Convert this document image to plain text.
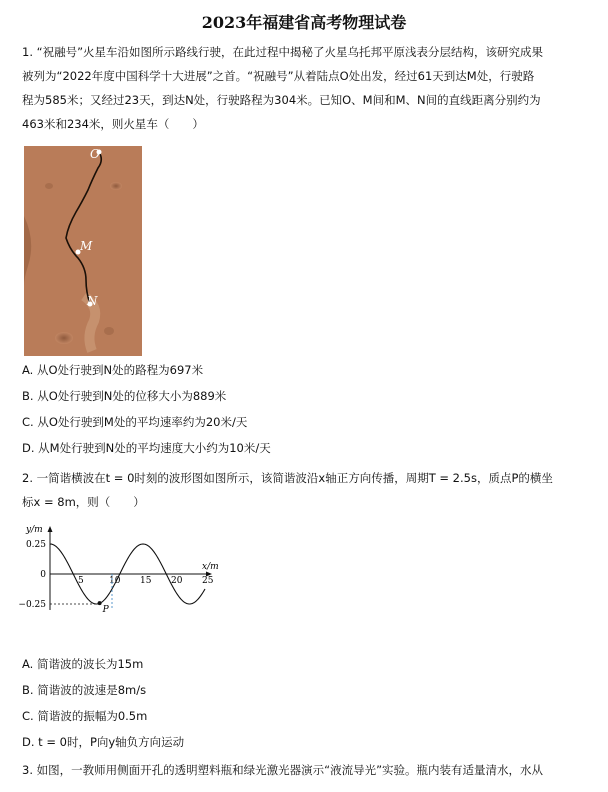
2023年福建省高考物理试卷
1. “祝融号”火星车沿如图所示路线行驶，在此过程中揭秘了火星乌托邦平原浅表分层结构，该研究成果
被列为“2022年度中国科学十大进展”之首。“祝融号”从着陆点O处出发，经过61天到达M处，行驶路
程为585米；又经过23天，到达N处，行驶路程为304米。已知O、M间和M、N间的直线距离分别约为
463米和234米，则火星车（　　）
O
M
N
A. 从O处行驶到N处的路程为697米
B. 从O处行驶到N处的位移大小为889米
C. 从O处行驶到M处的平均速率约为20米/天
D. 从M处行驶到N处的平均速度大小约为10米/天
2. 一简谐横波在t = 0时刻的波形图如图所示，该简谐波沿x轴正方向传播，周期T = 2.5s，质点P的横坐
标x = 8m，则（　　）
y/m
x/m
5	10 15 20 25
0.25
0
−0.25
P
A. 简谐波的波长为15m
B. 简谐波的波速是8m/s
C. 简谐波的振幅为0.5m
D. t = 0时，P向y轴负方向运动
3. 如图，一教师用侧面开孔的透明塑料瓶和绿光激光器演示“液流导光”实验。瓶内装有适量清水，水从
